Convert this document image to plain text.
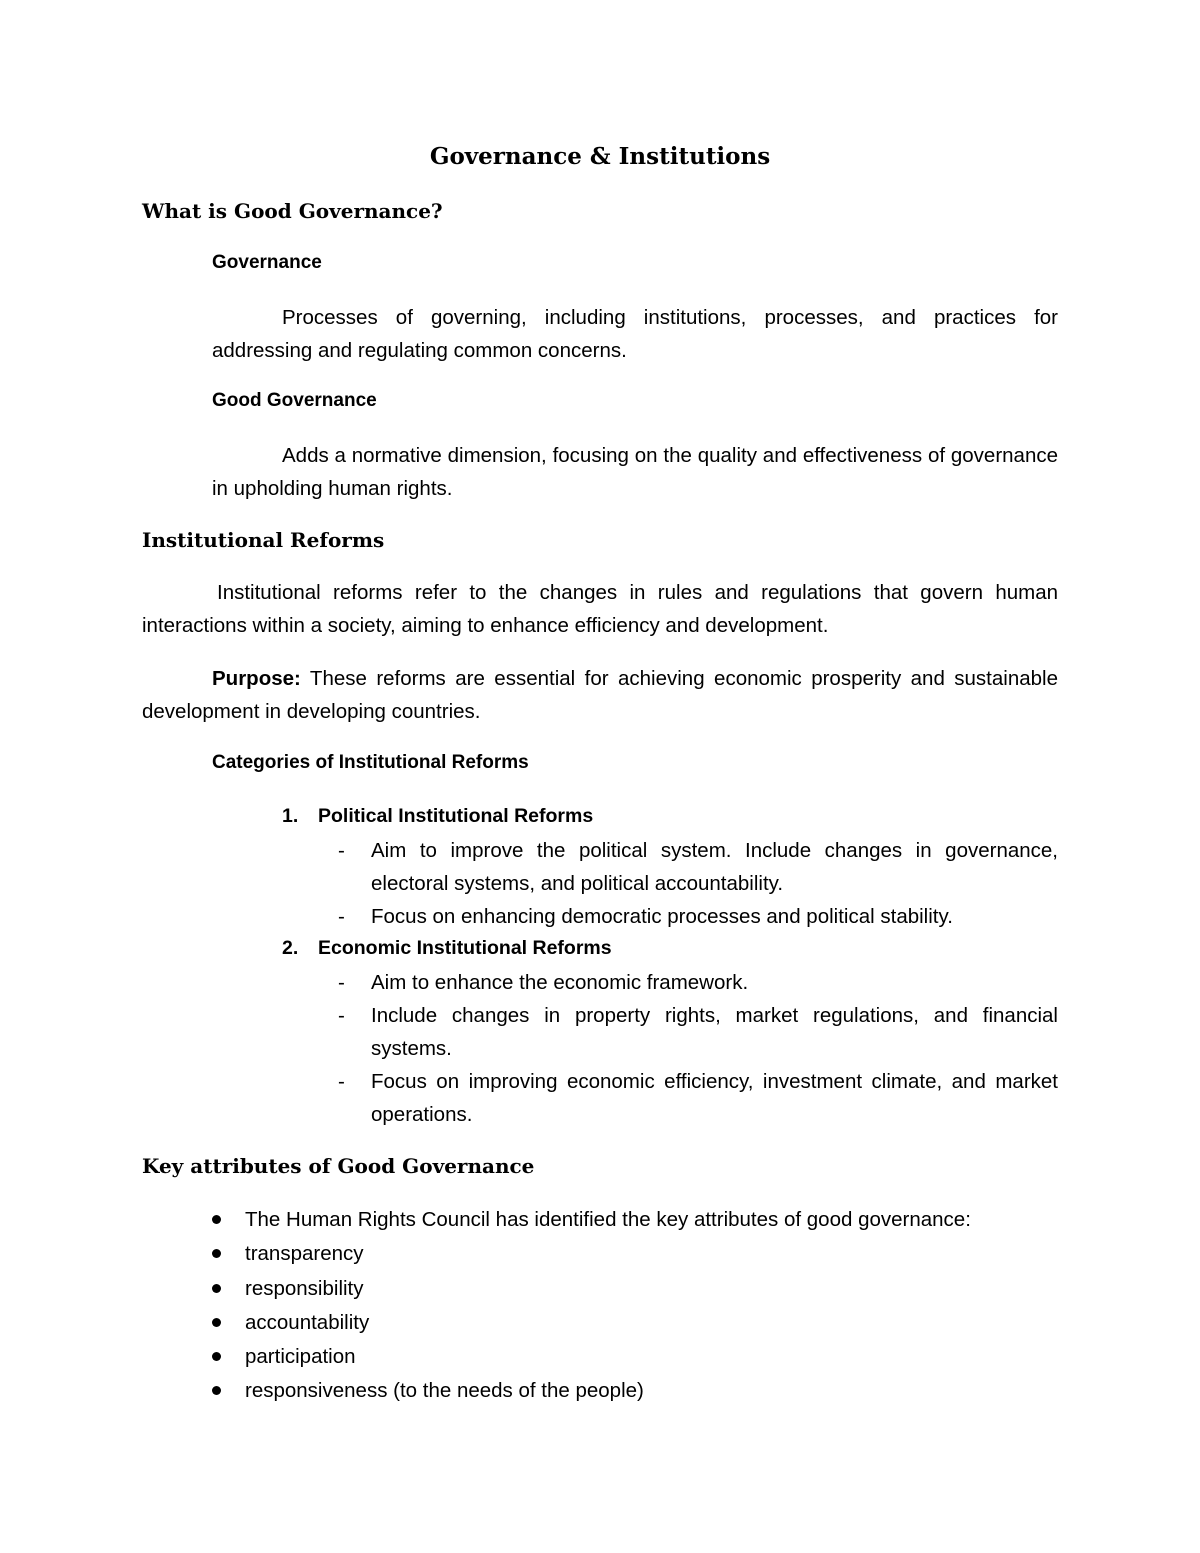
Governance & Institutions
What is Good Governance?
Governance
Processes of governing, including institutions, processes, and practices for addressing and regulating common concerns.
Good Governance
Adds a normative dimension, focusing on the quality and effectiveness of governance in upholding human rights.
Institutional Reforms
Institutional reforms refer to the changes in rules and regulations that govern human interactions within a society, aiming to enhance efficiency and development.
Purpose: These reforms are essential for achieving economic prosperity and sustainable development in developing countries.
Categories of Institutional Reforms
1. Political Institutional Reforms
-	Aim to improve the political system. Include changes in governance, electoral systems, and political accountability.
-	Focus on enhancing democratic processes and political stability.
2. Economic Institutional Reforms
-	Aim to enhance the economic framework.
-	Include changes in property rights, market regulations, and financial systems.
-	Focus on improving economic efficiency, investment climate, and market operations.
Key attributes of Good Governance
The Human Rights Council has identified the key attributes of good governance:
transparency
responsibility
accountability
participation
responsiveness (to the needs of the people)
